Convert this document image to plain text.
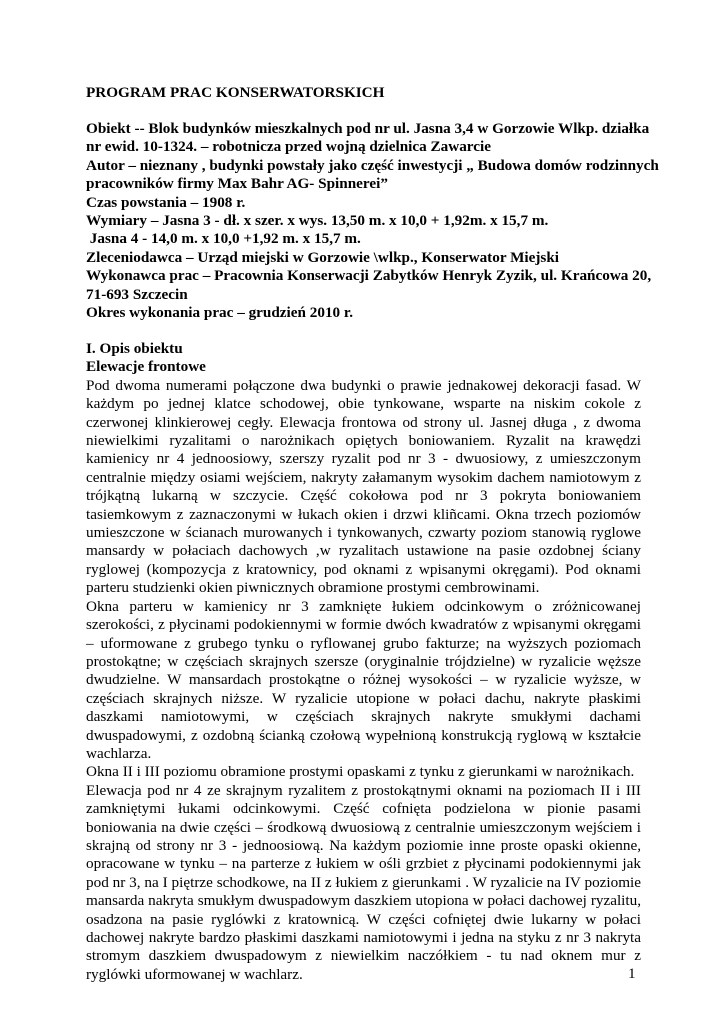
PROGRAM PRAC KONSERWATORSKICH
Obiekt -- Blok budynków mieszkalnych pod nr ul. Jasna 3,4 w Gorzowie Wlkp. działka
nr ewid. 10-1324. – robotnicza przed wojną dzielnica Zawarcie
Autor – nieznany , budynki powstały jako część inwestycji „ Budowa domów rodzinnych
pracowników firmy Max Bahr AG- Spinnerei”
Czas powstania – 1908 r.
Wymiary – Jasna 3 - dł. x szer. x wys. 13,50 m. x 10,0 + 1,92m. x 15,7 m.
Jasna 4 - 14,0 m. x 10,0 +1,92 m. x 15,7 m.
Zleceniodawca – Urząd miejski w Gorzowie \wlkp., Konserwator Miejski
Wykonawca prac – Pracownia Konserwacji Zabytków Henryk Zyzik, ul. Krańcowa 20,
71-693 Szczecin
Okres wykonania prac – grudzień 2010 r.
I. Opis obiektu
Elewacje frontowe
Pod dwoma numerami połączone dwa budynki o prawie jednakowej dekoracji fasad. W każdym po jednej klatce schodowej, obie tynkowane, wsparte na niskim cokole z czerwonej klinkierowej cegły. Elewacja frontowa od strony ul. Jasnej długa , z dwoma niewielkimi ryzalitami o narożnikach opiętych boniowaniem. Ryzalit na krawędzi kamienicy nr 4 jednoosiowy, szerszy ryzalit pod nr 3 - dwuosiowy, z umieszczonym centralnie między osiami wejściem, nakryty załamanym wysokim dachem namiotowym z trójkątną lukarną w szczycie. Część cokołowa pod nr 3 pokryta boniowaniem tasiemkowym z zaznaczonymi w łukach okien i drzwi kliñcami. Okna trzech poziomów umieszczone w ścianach murowanych i tynkowanych, czwarty poziom stanowią ryglowe mansardy w połaciach dachowych ,w ryzalitach ustawione na pasie ozdobnej ściany ryglowej (kompozycja z kratownicy, pod oknami z wpisanymi okręgami). Pod oknami parteru studzienki okien piwnicznych obramione prostymi cembrowinami.
Okna parteru w kamienicy nr 3 zamknięte łukiem odcinkowym o zróżnicowanej szerokości, z płycinami podokiennymi w formie dwóch kwadratów z wpisanymi okręgami – uformowane z grubego tynku o ryflowanej grubo fakturze; na wyższych poziomach prostokątne; w częściach skrajnych szersze (oryginalnie trójdzielne) w ryzalicie węższe dwudzielne. W mansardach prostokątne o różnej wysokości – w ryzalicie wyższe, w częściach skrajnych niższe. W ryzalicie utopione w połaci dachu, nakryte płaskimi daszkami namiotowymi, w częściach skrajnych nakryte smukłymi dachami dwuspadowymi, z ozdobną ścianką czołową wypełnioną konstrukcją ryglową w kształcie wachlarza.
Okna II i III poziomu obramione prostymi opaskami z tynku z gierunkami w narożnikach.
Elewacja pod nr 4 ze skrajnym ryzalitem z prostokątnymi oknami na poziomach II i III zamkniętymi łukami odcinkowymi. Część cofnięta podzielona w pionie pasami boniowania na dwie części – środkową dwuosiową z centralnie umieszczonym wejściem i skrajną od strony nr 3 - jednoosiową. Na każdym poziomie inne proste opaski okienne, opracowane w tynku – na parterze z łukiem w ośli grzbiet z płycinami podokiennymi jak pod nr 3, na I piętrze schodkowe, na II z łukiem z gierunkami . W ryzalicie na IV poziomie mansarda nakryta smukłym dwuspadowym daszkiem utopiona w połaci dachowej ryzalitu, osadzona na pasie ryglówki z kratownicą. W części cofniętej dwie lukarny w połaci dachowej nakryte bardzo płaskimi daszkami namiotowymi i jedna na styku z nr 3 nakryta stromym daszkiem dwuspadowym z niewielkim naczółkiem - tu nad oknem mur z ryglówki uformowanej w wachlarz.	1
